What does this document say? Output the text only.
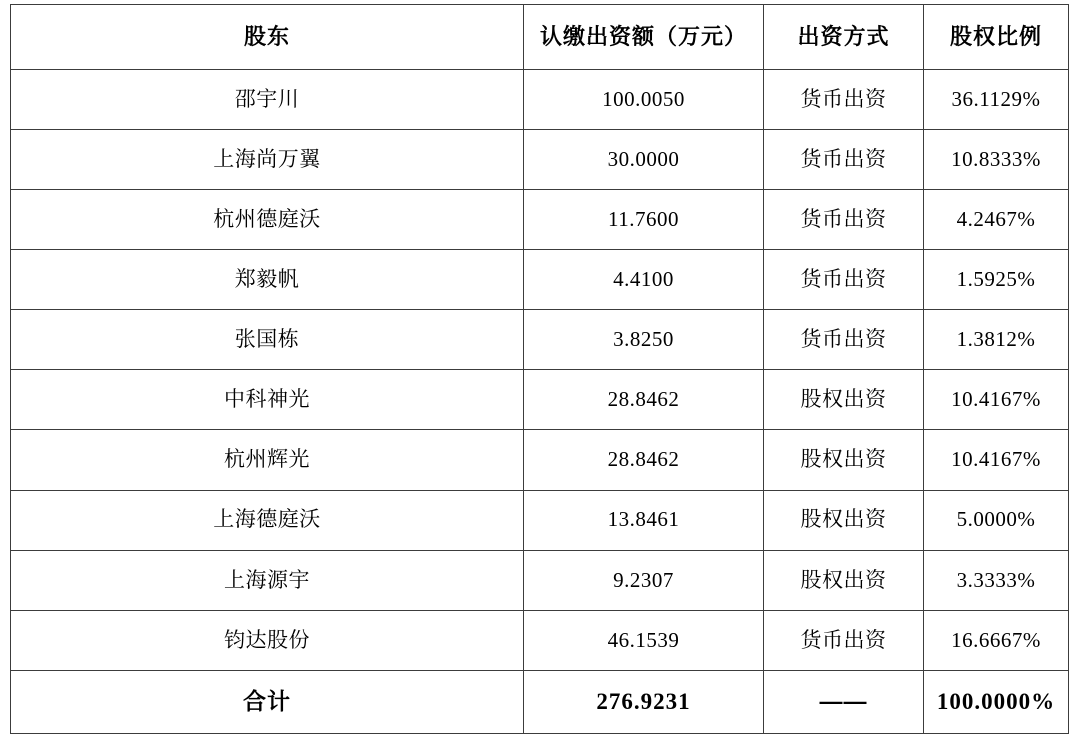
股东	认缴出资额（万元）	出资方式	股权比例
邵宇川	100.0050	货币出资	36.1129%
上海尚万翼	30.0000	货币出资	10.8333%
杭州德庭沃	11.7600	货币出资	4.2467%
郑毅帆	4.4100	货币出资	1.5925%
张国栋	3.8250	货币出资	1.3812%
中科神光	28.8462	股权出资	10.4167%
杭州辉光	28.8462	股权出资	10.4167%
上海德庭沃	13.8461	股权出资	5.0000%
上海源宇	9.2307	股权出资	3.3333%
钧达股份	46.1539	货币出资	16.6667%
合计	276.9231	——	100.0000%
